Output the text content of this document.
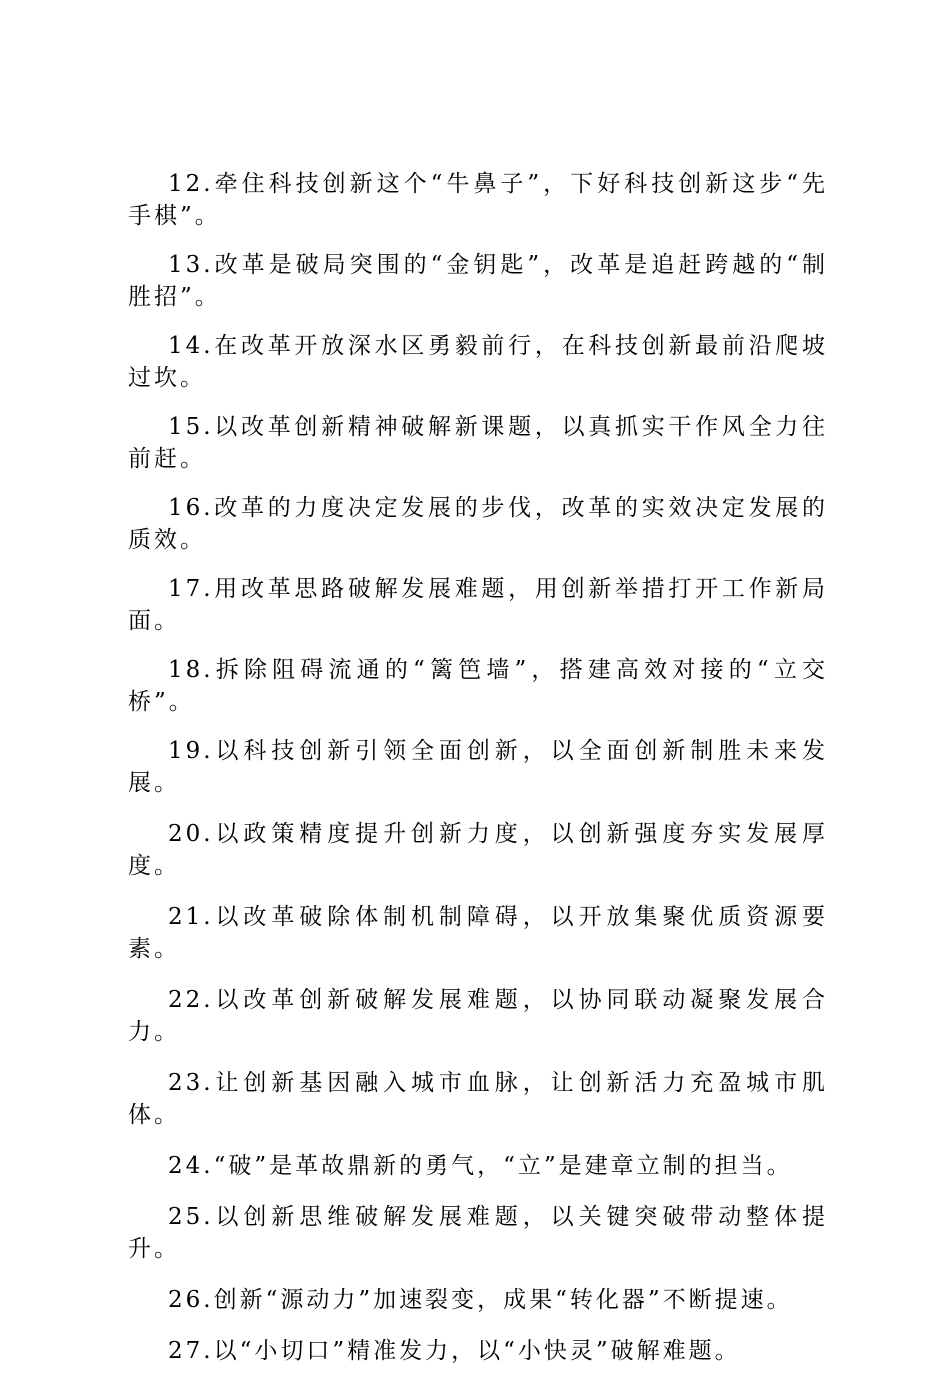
12.牵住科技创新这个“牛鼻子”，下好科技创新这步“先手棋”。

13.改革是破局突围的“金钥匙”，改革是追赶跨越的“制胜招”。

14.在改革开放深水区勇毅前行，在科技创新最前沿爬坡过坎。

15.以改革创新精神破解新课题，以真抓实干作风全力往前赶。

16.改革的力度决定发展的步伐，改革的实效决定发展的质效。

17.用改革思路破解发展难题，用创新举措打开工作新局面。

18.拆除阻碍流通的“篱笆墙”，搭建高效对接的“立交桥”。

19.以科技创新引领全面创新，以全面创新制胜未来发展。

20.以政策精度提升创新力度，以创新强度夯实发展厚度。

21.以改革破除体制机制障碍，以开放集聚优质资源要素。

22.以改革创新破解发展难题，以协同联动凝聚发展合力。

23.让创新基因融入城市血脉，让创新活力充盈城市肌体。

24.“破”是革故鼎新的勇气，“立”是建章立制的担当。

25.以创新思维破解发展难题，以关键突破带动整体提升。

26.创新“源动力”加速裂变，成果“转化器”不断提速。

27.以“小切口”精准发力，以“小快灵”破解难题。
